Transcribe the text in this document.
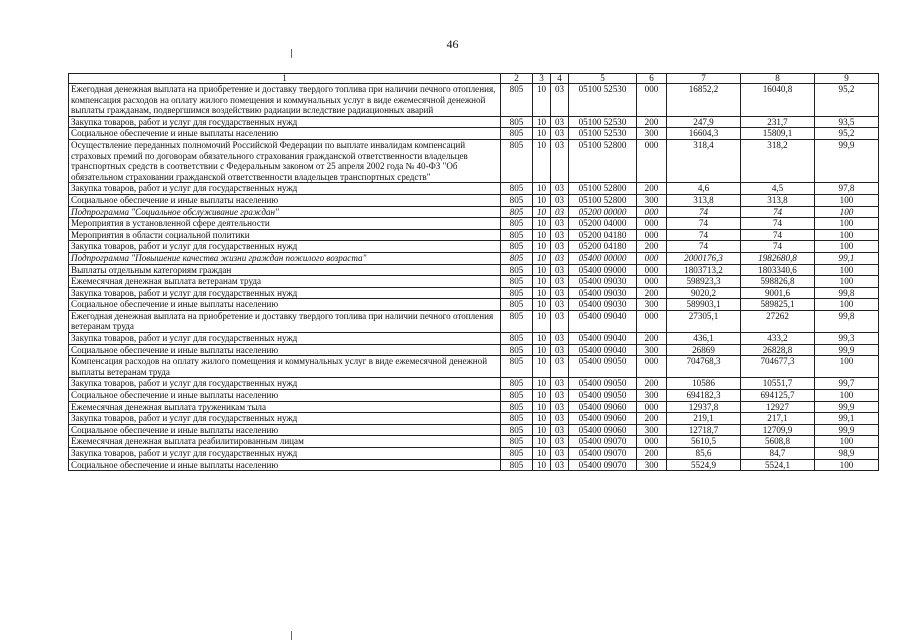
46
1	2	3	4	5	6	7	8	9
Ежегодная денежная выплата на приобретение и доставку твердого топлива при наличии печного отопления, компенсация расходов на оплату жилого помещения и коммунальных услуг в виде ежемесячной денежной выплаты гражданам, подвергшимся воздействию радиации вследствие радиационных аварий	805	10	03	05100 52530	000	16852,2	16040,8	95,2
Закупка товаров, работ и услуг для государственных нужд	805	10	03	05100 52530	200	247,9	231,7	93,5
Социальное обеспечение и иные выплаты населению	805	10	03	05100 52530	300	16604,3	15809,1	95,2
Осуществление переданных полномочий Российской Федерации по выплате инвалидам компенсаций страховых премий по договорам обязательного страхования гражданской ответственности владельцев транспортных средств в соответствии с Федеральным законом от 25 апреля 2002 года № 40-ФЗ "Об обязательном страховании гражданской ответственности владельцев транспортных средств"	805	10	03	05100 52800	000	318,4	318,2	99,9
Закупка товаров, работ и услуг для государственных нужд	805	10	03	05100 52800	200	4,6	4,5	97,8
Социальное обеспечение и иные выплаты населению	805	10	03	05100 52800	300	313,8	313,8	100
Подпрограмма "Социальное обслуживание граждан"	805	10	03	05200 00000	000	74	74	100
Мероприятия в установленной сфере деятельности	805	10	03	05200 04000	000	74	74	100
Мероприятия в области социальной политики	805	10	03	05200 04180	000	74	74	100
Закупка товаров, работ и услуг для государственных нужд	805	10	03	05200 04180	200	74	74	100
Подпрограмма "Повышение качества жизни граждан пожилого возраста"	805	10	03	05400 00000	000	2000176,3	1982680,8	99,1
Выплаты отдельным категориям граждан	805	10	03	05400 09000	000	1803713,2	1803340,6	100
Ежемесячная денежная выплата ветеранам труда	805	10	03	05400 09030	000	598923,3	598826,8	100
Закупка товаров, работ и услуг для государственных нужд	805	10	03	05400 09030	200	9020,2	9001,6	99,8
Социальное обеспечение и иные выплаты населению	805	10	03	05400 09030	300	589903,1	589825,1	100
Ежегодная денежная выплата на приобретение и доставку твердого топлива при наличии печного отопления ветеранам труда	805	10	03	05400 09040	000	27305,1	27262	99,8
Закупка товаров, работ и услуг для государственных нужд	805	10	03	05400 09040	200	436,1	433,2	99,3
Социальное обеспечение и иные выплаты населению	805	10	03	05400 09040	300	26869	26828,8	99,9
Компенсация расходов на оплату жилого помещения и коммунальных услуг в виде ежемесячной денежной выплаты ветеранам труда	805	10	03	05400 09050	000	704768,3	704677,3	100
Закупка товаров, работ и услуг для государственных нужд	805	10	03	05400 09050	200	10586	10551,7	99,7
Социальное обеспечение и иные выплаты населению	805	10	03	05400 09050	300	694182,3	694125,7	100
Ежемесячная денежная выплата труженикам тыла	805	10	03	05400 09060	000	12937,8	12927	99,9
Закупка товаров, работ и услуг для государственных нужд	805	10	03	05400 09060	200	219,1	217,1	99,1
Социальное обеспечение и иные выплаты населению	805	10	03	05400 09060	300	12718,7	12709,9	99,9
Ежемесячная денежная выплата реабилитированным лицам	805	10	03	05400 09070	000	5610,5	5608,8	100
Закупка товаров, работ и услуг для государственных нужд	805	10	03	05400 09070	200	85,6	84,7	98,9
Социальное обеспечение и иные выплаты населению	805	10	03	05400 09070	300	5524,9	5524,1	100
